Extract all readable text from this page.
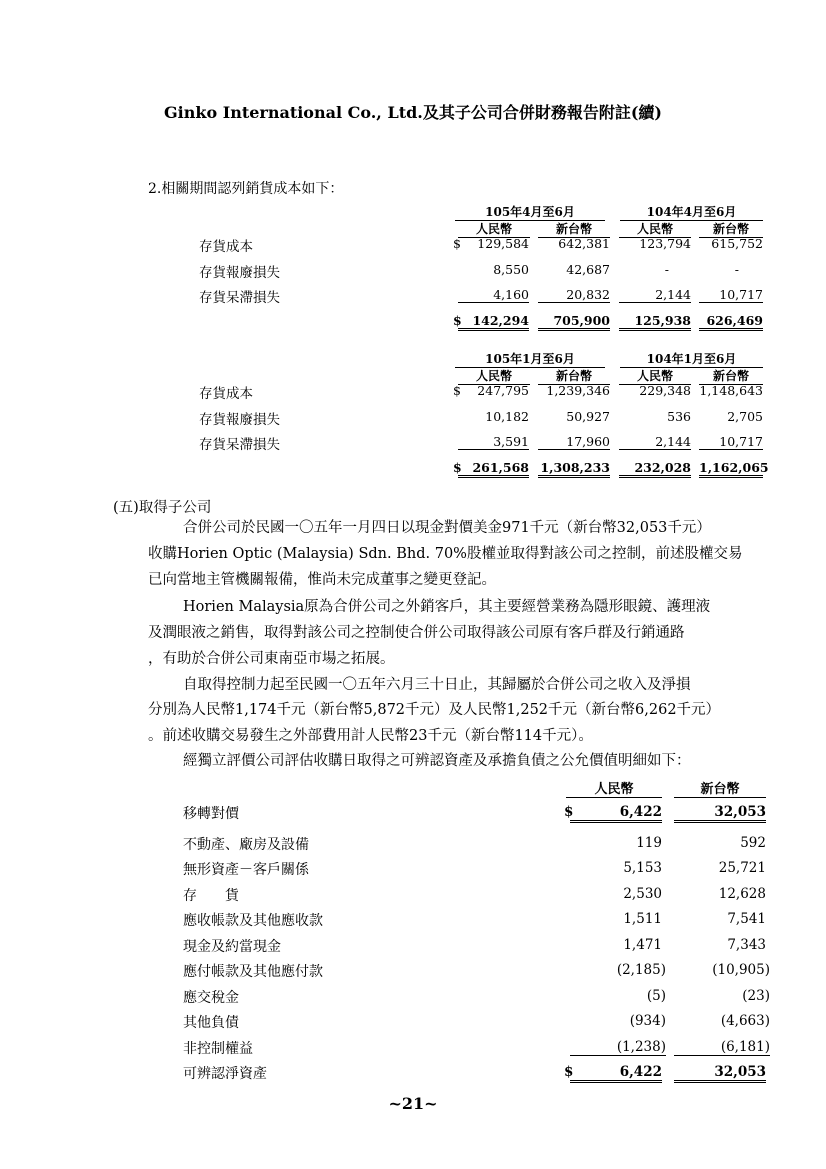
Ginko International Co., Ltd.及其子公司合併財務報告附註(續)
2.相關期間認列銷貨成本如下：
105年4月至6月	104年4月至6月
人民幣	新台幣	人民幣	新台幣
存貨成本	$	129,584	642,381	123,794	615,752
存貨報廢損失	8,550	42,687	-	-
存貨呆滯損失	4,160	20,832	2,144	10,717
$ 142,294	705,900	125,938	626,469
105年1月至6月	104年1月至6月
人民幣	新台幣	人民幣	新台幣
存貨成本	$	247,795	1,239,346	229,348 1,148,643
存貨報廢損失	10,182	50,927	536	2,705
存貨呆滯損失	3,591	17,960	2,144	10,717
$ 261,568 1,308,233	232,028 1,162,065
(五)取得子公司
合併公司於民國一〇五年一月四日以現金對價美金971千元（新台幣32,053千元）
收購Horien Optic (Malaysia) Sdn. Bhd. 70%股權並取得對該公司之控制，前述股權交易
已向當地主管機關報備，惟尚未完成董事之變更登記。
Horien Malaysia原為合併公司之外銷客戶，其主要經營業務為隱形眼鏡、護理液
及潤眼液之銷售，取得對該公司之控制使合併公司取得該公司原有客戶群及行銷通路
，有助於合併公司東南亞市場之拓展。
自取得控制力起至民國一〇五年六月三十日止，其歸屬於合併公司之收入及淨損
分別為人民幣1,174千元（新台幣5,872千元）及人民幣1,252千元（新台幣6,262千元）
。前述收購交易發生之外部費用計人民幣23千元（新台幣114千元）。
經獨立評價公司評估收購日取得之可辨認資產及承擔負債之公允價值明細如下：
人民幣	新台幣
移轉對價	$	6,422	32,053
不動產、廠房及設備	119	592
無形資產－客戶關係	5,153	25,721
存　　貨	2,530	12,628
應收帳款及其他應收款	1,511	7,541
現金及約當現金	1,471	7,343
應付帳款及其他應付款	(2,185)	(10,905)
應交稅金	(5)	(23)
其他負債	(934)	(4,663)
非控制權益	(1,238)	(6,181)
可辨認淨資產	$	6,422	32,053
~21~
